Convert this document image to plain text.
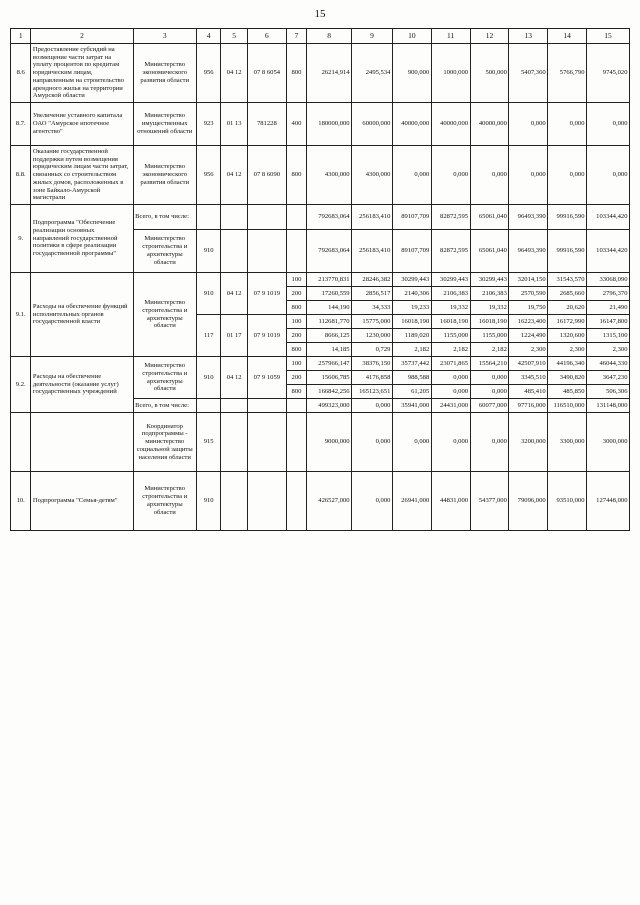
15
1	2	3	4	5	6	7	8	9	10	11	12	13	14	15
8.6	Предоставление субсидий на возмещение части затрат на уплату процентов по кредитам юридическим лицам, направленным на строительство арендного жилья на территории Амурской области	Министерство экономического развития области	956	04 12	07 8 6054	800	26214,914	2495,534	900,000	1000,000	500,000	5407,360	5766,790	9745,020
8.7.	Увеличение уставного капитала ОАО "Амурское ипотечное агентство"	Министерство имущественных отношений области	923	01 13	781228	400	180000,000	60000,000	40000,000	40000,000	40000,000	0,000	0,000	0,000
8.8.	Оказание государственной поддержки путем возмещения юридическим лицам части затрат, связанных со строительством жилых домов, расположенных в зоне Байкало-Амурской магистрали	Министерство экономического развития области	956	04 12	07 8 6090	800	4300,000	4300,000	0,000	0,000	0,000	0,000	0,000	0,000
9.	Подпрограмма "Обеспечение реализации основных направлений государственной политики в сфере реализации государственной программы"	Всего, в том числе:					792683,064	256183,410	89107,709	82872,595	65061,040	96493,390	99916,590	103344,420
		Министерство строительства и архитектуры области	910				792683,064	256183,410	89107,709	82872,595	65061,040	96493,390	99916,590	103344,420
9.1.	Расходы на обеспечение функций исполнительных органов государственной власти	Министерство строительства и архитектуры области	910	04 12	07 9 1019	100	213770,831	28246,382	30299,443	30299,443	30299,443	32014,150	31543,570	33068,090
						200	17260,559	2856,517	2140,306	2106,383	2106,383	2570,590	2685,660	2796,370
						800	144,190	34,333	19,233	19,332	19,332	19,750	20,620	21,490
			117	01 17	07 9 1019	100	112681,770	15775,000	16018,190	16018,190	16018,190	16223,400	16172,990	16147,800
						200	8666,125	1230,000	1189,020	1155,000	1155,000	1224,490	1320,600	1315,100
						800	14,185	0,729	2,182	2,182	2,182	2,300	2,300	2,300
9.2.	Расходы на обеспечение деятельности (оказание услуг) государственных учреждений	Министерство строительства и архитектуры области	910	04 12	07 9 1059	100	257966,147	38376,150	35737,442	23071,865	15564,210	42507,910	44196,340	46044,330
						200	15606,785	4176,858	988,588	0,000	0,000	3345,510	3490,820	3647,230
						800	166842,256	165123,651	61,205	0,000	0,000	485,410	485,850	506,306
		Всего, в том числе:					499323,000	0,000	35941,000	24431,000	60077,000	97716,000	116510,000	131148,000
		Координатор подпрограммы - министерство социальной защиты населения области	915				9000,000	0,000	0,000	0,000	0,000	3200,000	3300,000	3000,000
10.	Подпрограмма "Семья-детям"	Министерство строительства и архитектуры области	910				426527,000	0,000	26941,000	44831,000	54377,000	79096,000	93510,000	127448,000
